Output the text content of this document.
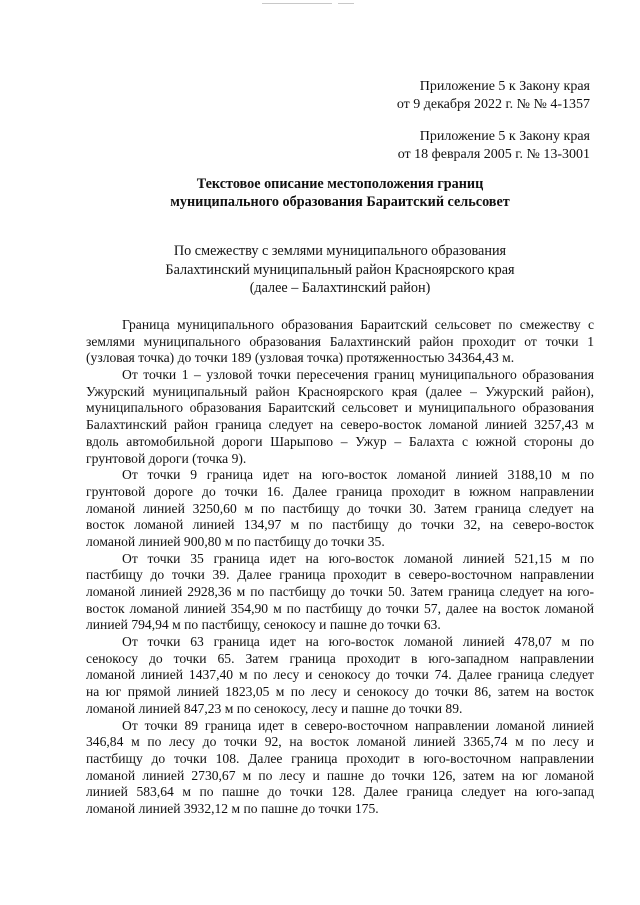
Приложение 5 к Закону края
от 9 декабря 2022 г. № № 4-1357
Приложение 5 к Закону края
от 18 февраля 2005 г. № 13-3001
Текстовое описание местоположения границ
муниципального образования Бараитский сельсовет
По смежеству с землями муниципального образования
Балахтинский муниципальный район Красноярского края
(далее – Балахтинский район)

Граница муниципального образования Бараитский сельсовет по смежеству с
землями муниципального образования Балахтинский район проходит от точки 1
(узловая точка) до точки 189 (узловая точка) протяженностью 34364,43 м.

От точки 1 – узловой точки пересечения границ муниципального образования
Ужурский муниципальный район Красноярского края (далее – Ужурский район),
муниципального образования Бараитский сельсовет и муниципального образования
Балахтинский район граница следует на северо-восток ломаной линией 3257,43 м
вдоль автомобильной дороги Шарыпово – Ужур – Балахта с южной стороны до
грунтовой дороги (точка 9).

От точки 9 граница идет на юго-восток ломаной линией 3188,10 м по
грунтовой дороге до точки 16. Далее граница проходит в южном направлении
ломаной линией 3250,60 м по пастбищу до точки 30. Затем граница следует на
восток ломаной линией 134,97 м по пастбищу до точки 32, на северо-восток
ломаной линией 900,80 м по пастбищу до точки 35.

От точки 35 граница идет на юго-восток ломаной линией 521,15 м по
пастбищу до точки 39. Далее граница проходит в северо-восточном направлении
ломаной линией 2928,36 м по пастбищу до точки 50. Затем граница следует на юго-
восток ломаной линией 354,90 м по пастбищу до точки 57, далее на восток ломаной
линией 794,94 м по пастбищу, сенокосу и пашне до точки 63.

От точки 63 граница идет на юго-восток ломаной линией 478,07 м по
сенокосу до точки 65. Затем граница проходит в юго-западном направлении
ломаной линией 1437,40 м по лесу и сенокосу до точки 74. Далее граница следует
на юг прямой линией 1823,05 м по лесу и сенокосу до точки 86, затем на восток
ломаной линией 847,23 м по сенокосу, лесу и пашне до точки 89.

От точки 89 граница идет в северо-восточном направлении ломаной линией
346,84 м по лесу до точки 92, на восток ломаной линией 3365,74 м по лесу и
пастбищу до точки 108. Далее граница проходит в юго-восточном направлении
ломаной линией 2730,67 м по лесу и пашне до точки 126, затем на юг ломаной
линией 583,64 м по пашне до точки 128. Далее граница следует на юго-запад
ломаной линией 3932,12 м по пашне до точки 175.
